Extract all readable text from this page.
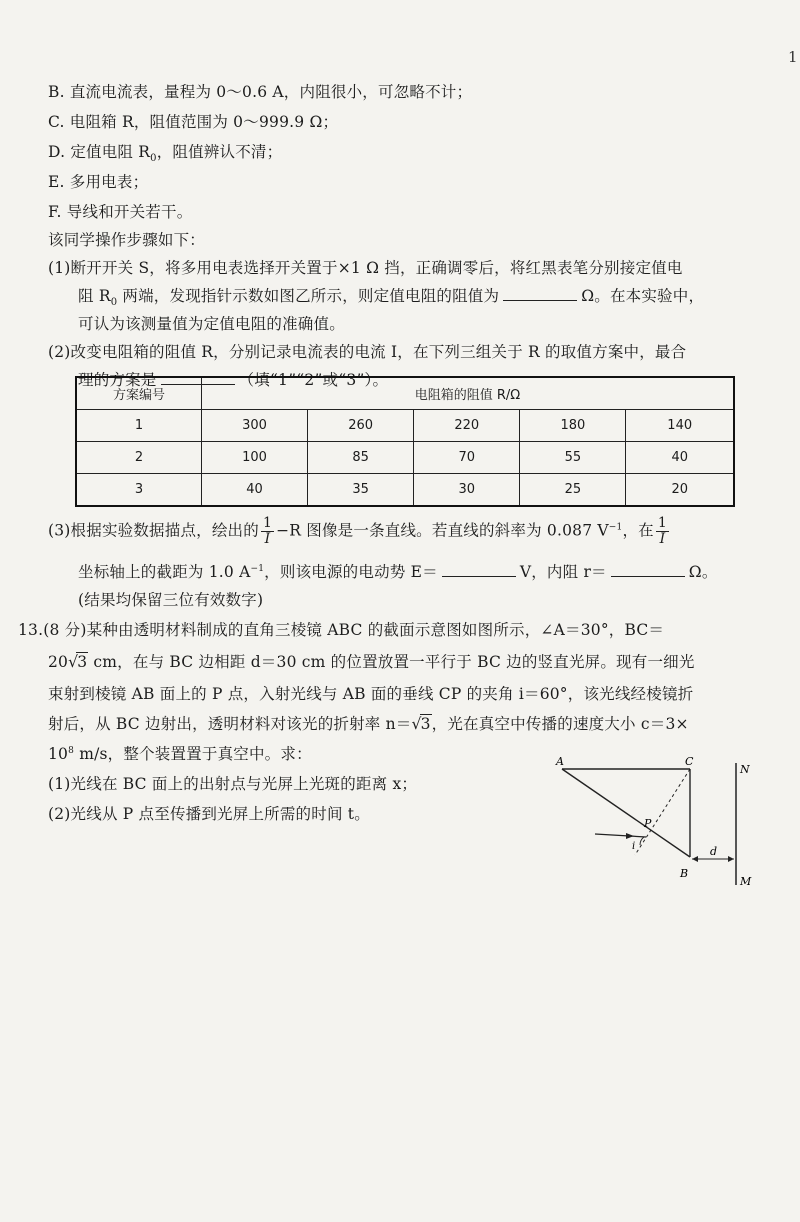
1
B. 直流电流表，量程为 0～0.6 A，内阻很小，可忽略不计；
C. 电阻箱 R，阻值范围为 0～999.9 Ω；
D. 定值电阻 $R_0$，阻值辨认不清；
E. 多用电表；
F. 导线和开关若干。
该同学操作步骤如下：
(1)断开开关 S，将多用电表选择开关置于×1 Ω 挡，正确调零后，将红黑表笔分别接定值电
阻 $R_0$ 两端，发现指针示数如图乙所示，则定值电阻的阻值为	Ω。在本实验中，
可认为该测量值为定值电阻的准确值。
(2)改变电阻箱的阻值 R，分别记录电流表的电流 I，在下列三组关于 R 的取值方案中，最合
理的方案是	（填“1”“2”或“3”）。
方案编号	电阻箱的阻值 R/Ω				
1	300	260	220	180	140
2	100	85	70	55	40
3	40	35	30	25	20
(3)根据实验数据描点，绘出的 $\frac{1}{I} -R$ 图像是一条直线。若直线的斜率为 0.087 $V^{-1}$，在 $\frac{1}{I}$
坐标轴上的截距为 1.0 $A^{-1}$，则该电源的电动势 E＝	V，内阻 r＝	Ω。
(结果均保留三位有效数字)
13.(8 分)某种由透明材料制成的直角三棱镜 ABC 的截面示意图如图所示，∠A＝30°，BC＝
20√3 cm，在与 BC 边相距 d＝30 cm 的位置放置一平行于 BC 边的竖直光屏。现有一细光
束射到棱镜 AB 面上的 P 点，入射光线与 AB 面的垂线 CP 的夹角 i＝60°，该光线经棱镜折
射后，从 BC 边射出，透明材料对该光的折射率 n＝√3，光在真空中传播的速度大小 c＝3×
$10^8$ m/s，整个装置置于真空中。求：
(1)光线在 BC 面上的出射点与光屏上光斑的距离 x；
(2)光线从 P 点至传播到光屏上所需的时间 t。
A
B
C
P
i	d
N
M
